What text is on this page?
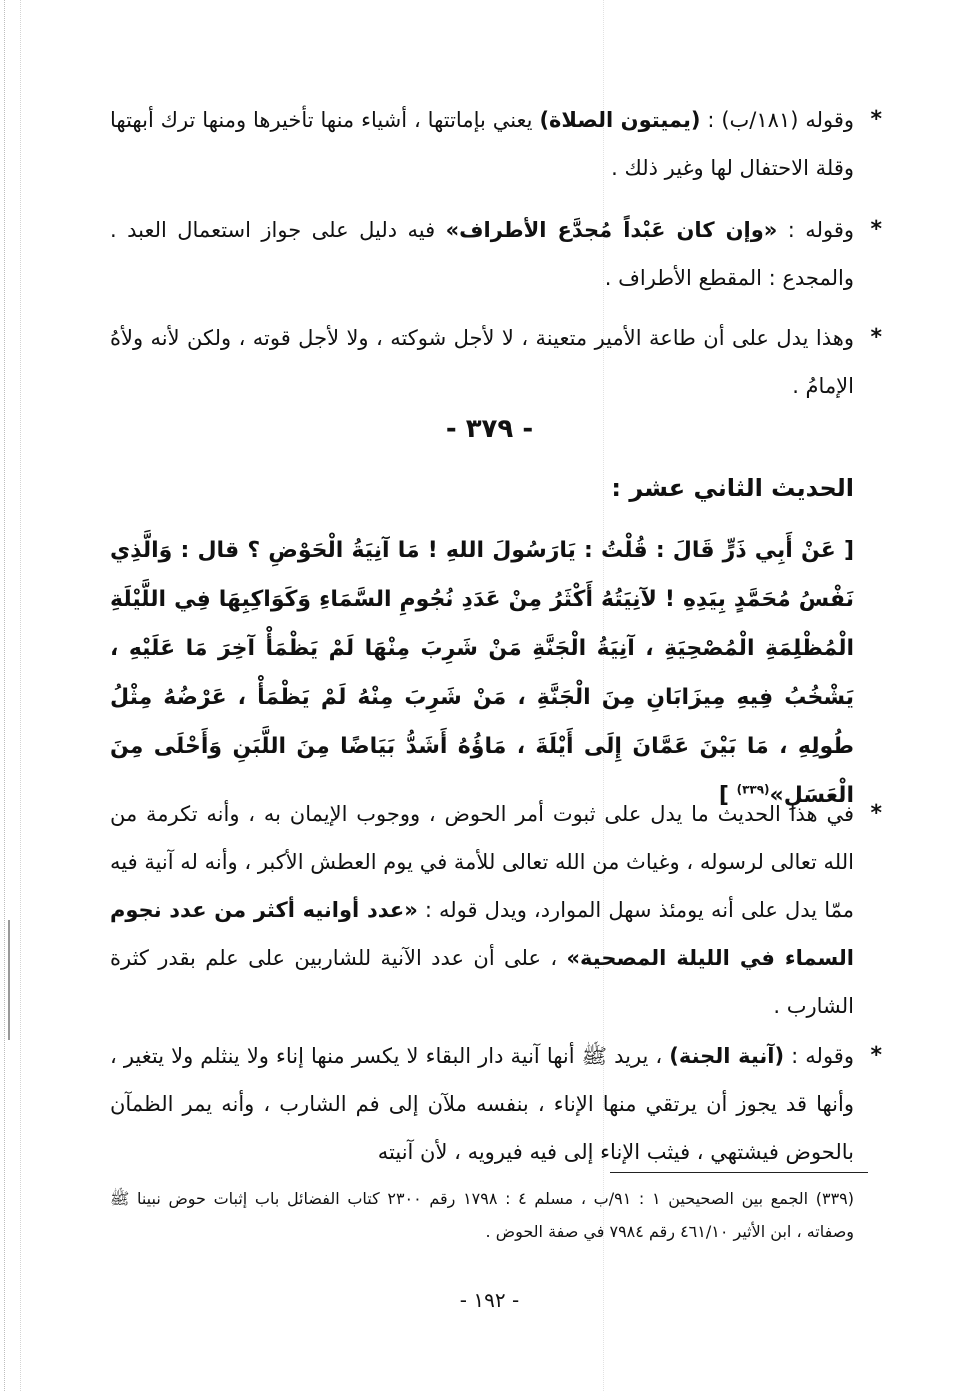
*
وقوله (١٨١/ب) : (يميتون الصلاة) يعني بإماتتها ، أشياء منها تأخيرها ومنها ترك أبهتها وقلة الاحتفال لها وغير ذلك .
*
وقوله : «وإن كان عَبْداً مُجدَّع الأطراف» فيه دليل على جواز استعمال العبد . والمجدع : المقطع الأطراف .
*
وهذا يدل على أن طاعة الأمير متعينة ، لا لأجل شوكته ، ولا لأجل قوته ، ولكن لأنه ولأهُ الإمامُ .
- ٣٧٩ -
الحديث الثاني عشر :
[ عَنْ أَبِي ذَرٍّ قَالَ : قُلْتُ : يَارَسُولَ اللهِ ! مَا آنِيَةُ الْحَوْضِ ؟ قال : وَالَّذِي نَفْسُ مُحَمَّدٍ بِيَدِهِ ! لآنِيَتُهُ أَكْثَرُ مِنْ عَدَدِ نُجُومِ السَّمَاءِ وَكَوَاكِبِهَا فِي اللَّيْلَةِ الْمُظْلِمَةِ الْمُصْحِيَةِ ، آنِيَةُ الْجَنَّةِ مَنْ شَرِبَ مِنْهَا لَمْ يَظْمَأْ آخِرَ مَا عَلَيْهِ ، يَشْخُبُ فِيهِ مِيزَابَانِ مِنَ الْجَنَّةِ ، مَنْ شَرِبَ مِنْهُ لَمْ يَظْمَأْ ، عَرْضُهُ مِثْلُ طُولِهِ ، مَا بَيْنَ عَمَّانَ إِلَى أَيْلَةَ ، مَاؤُهُ أَشَدُّ بَيَاضًا مِنَ اللَّبَنِ وَأَحْلَى مِنَ الْعَسَلِ»$^{(٣٣٩)}$ ]
*
في هذا الحديث ما يدل على ثبوت أمر الحوض ، ووجوب الإيمان به ، وأنه تكرمة من الله تعالى لرسوله ، وغياث من الله تعالى للأمة في يوم العطش الأكبر ، وأنه له آنية فيه ممّا يدل على أنه يومئذ سهل الموارد، ويدل قوله : «عدد أوانيه أكثر من عدد نجوم السماء في الليلة المصحية» ، على أن عدد الآنية للشاربين على علم بقدر كثرة الشارب .
*
وقوله : (آنية الجنة) ، يريد ﷺ أنها آنية دار البقاء لا يكسر منها إناء ولا ينثلم ولا يتغير ، وأنها قد يجوز أن يرتقي منها الإناء ، بنفسه ملآن إلى فم الشارب ، وأنه يمر الظمآن بالحوض فيشتهي ، فيثب الإناء إلى فيه فيرويه ، لأن آنيته
(٣٣٩) الجمع بين الصحيحين ١ : ٩١/ب ، مسلم ٤ : ١٧٩٨ رقم ٢٣٠٠ كتاب الفضائل باب إثبات حوض نبينا ﷺ وصفاته ، ابن الأثير ٤٦١/١٠ رقم ٧٩٨٤ في صفة الحوض .
- ١٩٢ -
